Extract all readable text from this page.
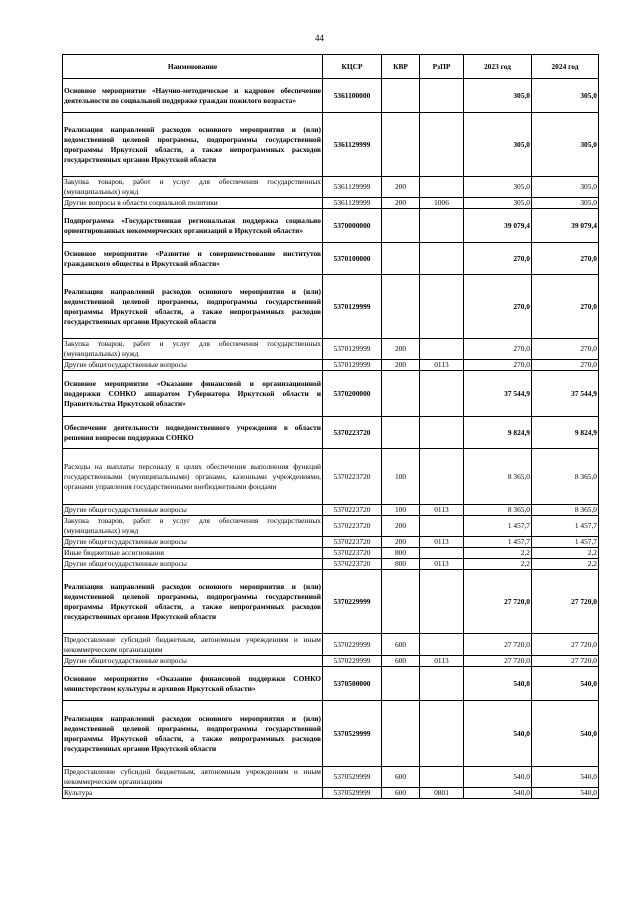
44
Наименование	КЦСР	КВР	РзПР	2023 год	2024 год
Основное мероприятие «Научно-методическое и кадровое обеспечение деятельности по социальной поддержке граждан пожилого возраста»	5361100000			305,0	305,0
Реализация направлений расходов основного мероприятия и (или) ведомственной целевой программы, подпрограммы государственной программы Иркутской области, а также непрограммных расходов государственных органов Иркутской области	5361129999			305,0	305,0
Закупка товаров, работ и услуг для обеспечения государственных (муниципальных) нужд	5361129999	200		305,0	305,0
Другие вопросы в области социальной политики	5361129999	200	1006	305,0	305,0
Подпрограмма «Государственная региональная поддержка социально ориентированных некоммерческих организаций в Иркутской области»	5370000000			39 079,4	39 079,4
Основное мероприятие «Развитие и совершенствование институтов гражданского общества в Иркутской области»	5370100000			270,0	270,0
Реализация направлений расходов основного мероприятия и (или) ведомственной целевой программы, подпрограммы государственной программы Иркутской области, а также непрограммных расходов государственных органов Иркутской области	5370129999			270,0	270,0
Закупка товаров, работ и услуг для обеспечения государственных (муниципальных) нужд	5370129999	200		270,0	270,0
Другие общегосударственные вопросы	5370129999	200	0113	270,0	270,0
Основное мероприятие «Оказание финансовой и организационной поддержки СОНКО аппаратом Губернатора Иркутской области и Правительства Иркутской области»	5370200000			37 544,9	37 544,9
Обеспечение деятельности подведомственного учреждения в области решения вопросов поддержки СОНКО	5370223720			9 824,9	9 824,9
Расходы на выплаты персоналу в целях обеспечения выполнения функций государственными (муниципальными) органами, казенными учреждениями, органами управления государственными внебюджетными фондами	5370223720	100		8 365,0	8 365,0
Другие общегосударственные вопросы	5370223720	100	0113	8 365,0	8 365,0
Закупка товаров, работ и услуг для обеспечения государственных (муниципальных) нужд	5370223720	200		1 457,7	1 457,7
Другие общегосударственные вопросы	5370223720	200	0113	1 457,7	1 457,7
Иные бюджетные ассигнования	5370223720	800		2,2	2,2
Другие общегосударственные вопросы	5370223720	800	0113	2,2	2,2
Реализация направлений расходов основного мероприятия и (или) ведомственной целевой программы, подпрограммы государственной программы Иркутской области, а также непрограммных расходов государственных органов Иркутской области	5370229999			27 720,0	27 720,0
Предоставление субсидий бюджетным, автономным учреждениям и иным некоммерческим организациям	5370229999	600		27 720,0	27 720,0
Другие общегосударственные вопросы	5370229999	600	0113	27 720,0	27 720,0
Основное мероприятие «Оказание финансовой поддержки СОНКО министерством культуры и архивов Иркутской области»	5370500000			540,0	540,0
Реализация направлений расходов основного мероприятия и (или) ведомственной целевой программы, подпрограммы государственной программы Иркутской области, а также непрограммных расходов государственных органов Иркутской области	5370529999			540,0	540,0
Предоставление субсидий бюджетным, автономным учреждениям и иным некоммерческим организациям	5370529999	600		540,0	540,0
Культура	5370529999	600	0801	540,0	540,0
